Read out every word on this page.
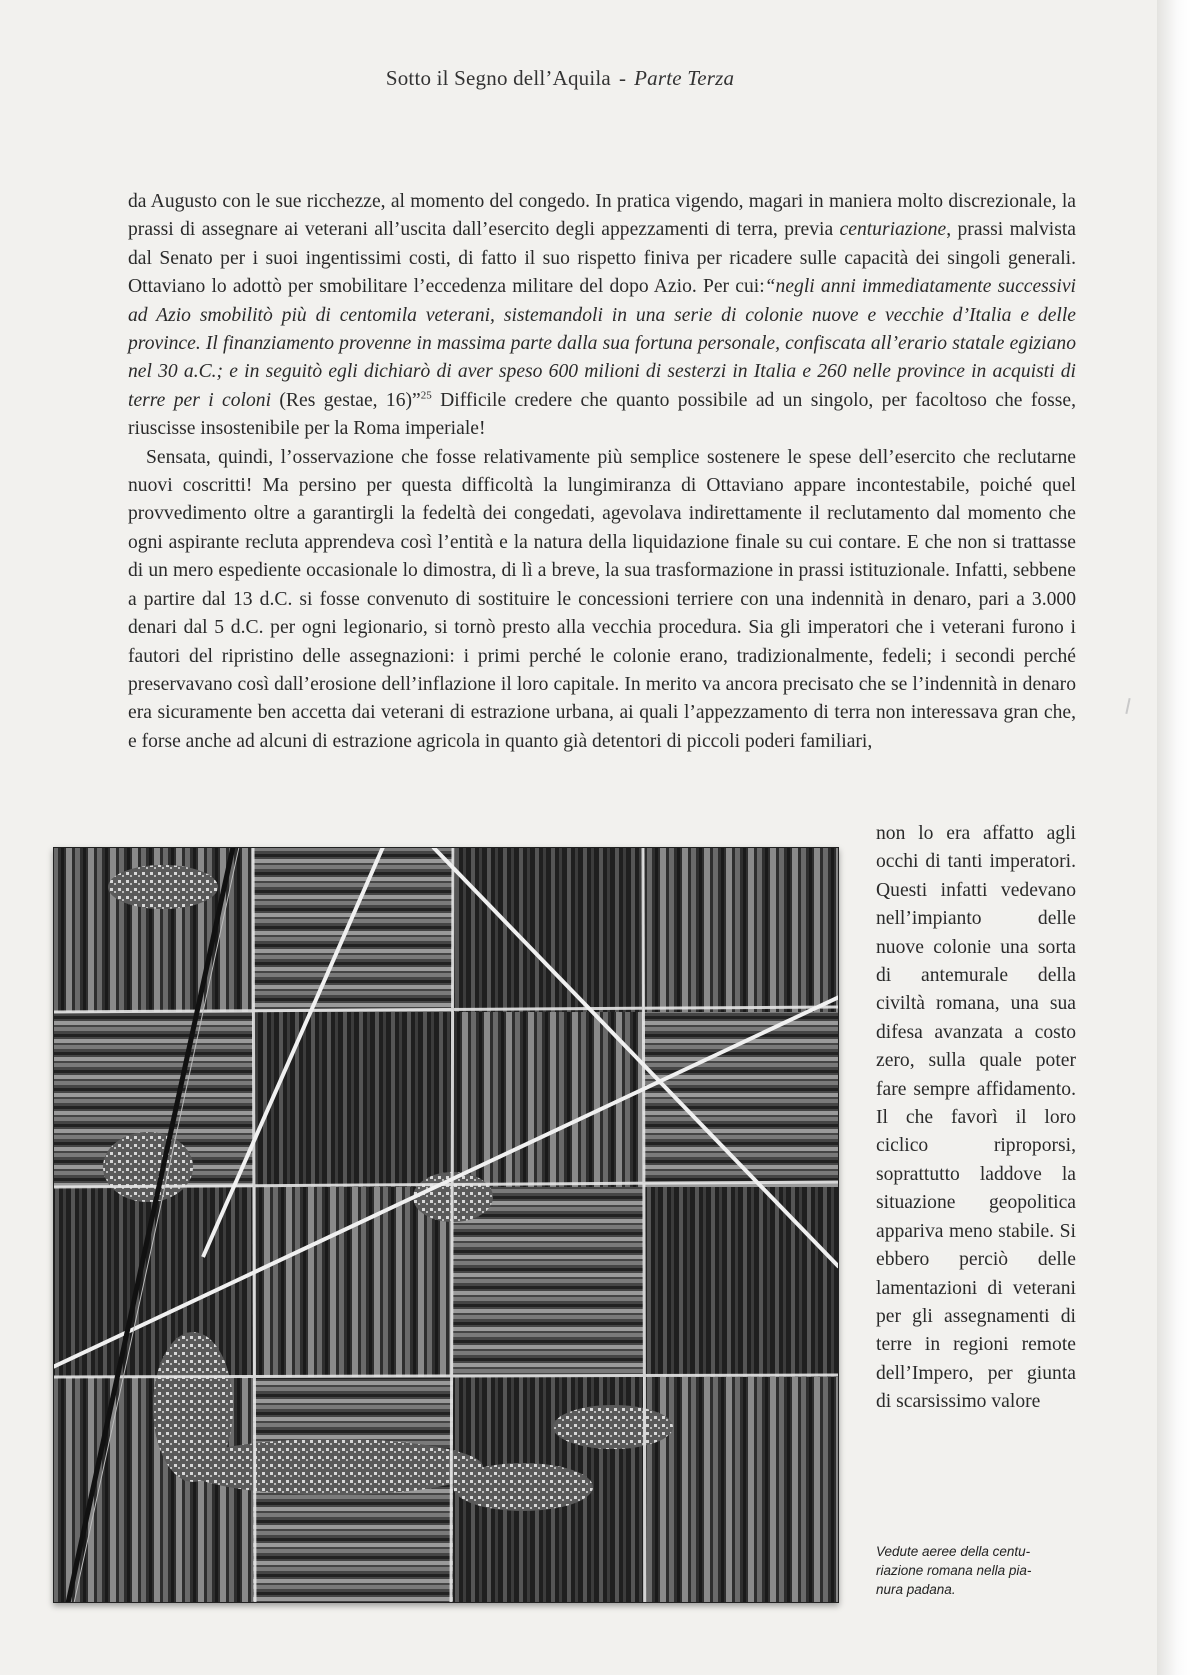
Sotto il Segno dell’Aquila - Parte Terza

da Augusto con le sue ricchezze, al momento del congedo. In pratica vigendo, magari in maniera molto discrezionale, la prassi di assegnare ai veterani all’uscita dall’esercito degli appezzamenti di terra, previa centuriazione, prassi malvista dal Senato per i suoi ingentissimi costi, di fatto il suo rispetto finiva per ricadere sulle capacità dei singoli generali. Ottaviano lo adottò per smobilitare l’eccedenza militare del dopo Azio. Per cui:“negli anni immediatamente successivi ad Azio smobilitò più di centomila veterani, sistemandoli in una serie di colonie nuove e vecchie d’Italia e delle province. Il finanziamento provenne in massima parte dalla sua fortuna personale, confiscata all’erario statale egiziano nel 30 a.C.; e in seguitò egli dichiarò di aver speso 600 milioni di sesterzi in Italia e 260 nelle province in acquisti di terre per i coloni (Res gestae, 16)”$^{25}$ Difficile credere che quanto possibile ad un singolo, per facoltoso che fosse, riuscisse insostenibile per la Roma imperiale!

Sensata, quindi, l’osservazione che fosse relativamente più semplice sostenere le spese dell’esercito che reclutarne nuovi coscritti! Ma persino per questa difficoltà la lungimiranza di Ottaviano appare incontestabile, poiché quel provvedimento oltre a garantirgli la fedeltà dei congedati, agevolava indirettamente il reclutamento dal momento che ogni aspirante recluta apprendeva così l’entità e la natura della liquidazione finale su cui contare. E che non si trattasse di un mero espediente occasionale lo dimostra, di lì a breve, la sua trasformazione in prassi istituzionale. Infatti, sebbene a partire dal 13 d.C. si fosse convenuto di sostituire le concessioni terriere con una indennità in denaro, pari a 3.000 denari dal 5 d.C. per ogni legionario, si tornò presto alla vecchia procedura. Sia gli imperatori che i veterani furono i fautori del ripristino delle assegnazioni: i primi perché le colonie erano, tradizionalmente, fedeli; i secondi perché preservavano così dall’erosione dell’inflazione il loro capitale. In merito va ancora precisato che se l’indennità in denaro era sicuramente ben accetta dai veterani di estrazione urbana, ai quali l’appezzamento di terra non interessava gran che, e forse anche ad alcuni di estrazione agricola in quanto già detentori di piccoli poderi familiari,

non lo era affatto agli occhi di tanti imperatori. Questi infatti vedevano nell’impianto delle nuove colonie una sorta di antemurale della civiltà romana, una sua difesa avanzata a costo zero, sulla quale poter fare sempre affidamento. Il che favorì il loro ciclico riproporsi, soprattutto laddove la situazione geopolitica appariva meno stabile. Si ebbero perciò delle lamentazioni di veterani per gli assegnamenti di terre in regioni remote dell’Impero, per giunta di scarsissimo valore

Vedute aeree della centu-
riazione romana nella pia-
nura padana.
